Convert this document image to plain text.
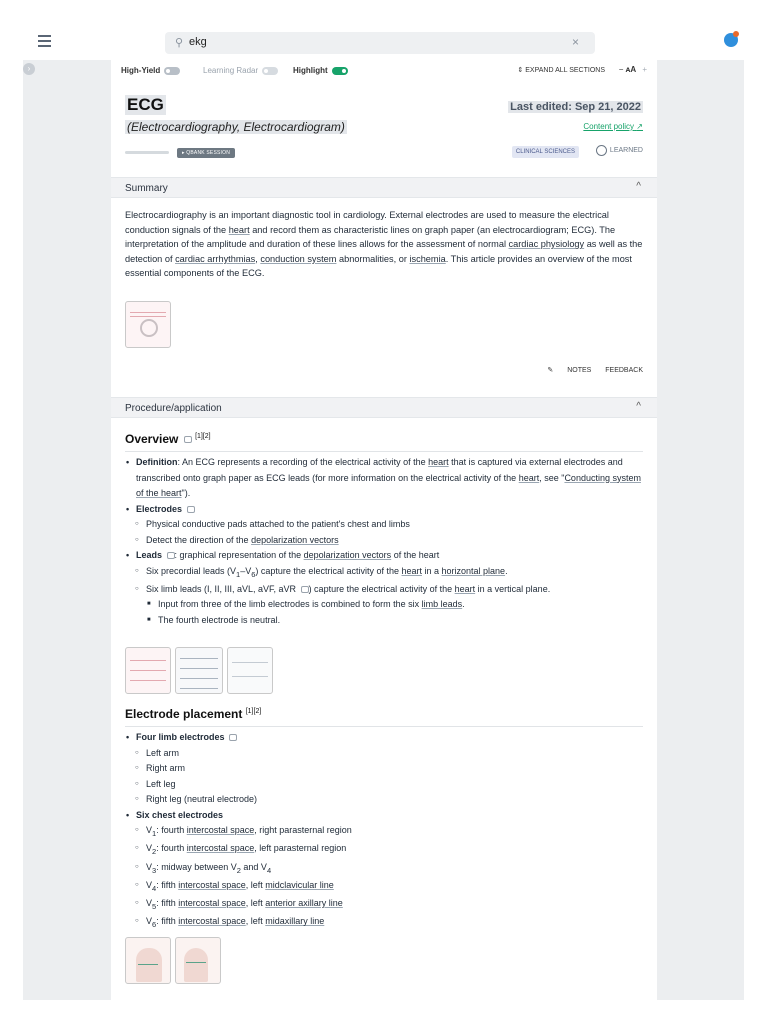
⚲ ekg	×
›	High-Yield	Learning Radar	Highlight	⇕ EXPAND ALL SECTIONS − ᴀA +
ECG
(Electrocardiography, Electrocardiogram)
Last edited: Sep 21, 2022
Content policy ↗
▸ QBANK SESSION	CLINICAL SCIENCES	LEARNED
Summary	^
Electrocardiography is an important diagnostic tool in cardiology. External electrodes are used to measure the electrical conduction signals of the heart and record them as characteristic lines on graph paper (an electrocardiogram; ECG). The interpretation of the amplitude and duration of these lines allows for the assessment of normal cardiac physiology as well as the detection of cardiac arrhythmias, conduction system abnormalities, or ischemia. This article provides an overview of the most essential components of the ECG.
✎ NOTES FEEDBACK
Procedure/application	^
Overview [1][2]
• Definition: An ECG represents a recording of the electrical activity of the heart that is captured via external electrodes and transcribed onto graph paper as ECG leads (for more information on the electrical activity of the heart, see "Conducting system of the heart").
• Electrodes
○ Physical conductive pads attached to the patient's chest and limbs
○ Detect the direction of the depolarization vectors
• Leads : graphical representation of the depolarization vectors of the heart
○ Six precordial leads $(V_1-V_6)$ capture the electrical activity of the heart in a horizontal plane.
○ Six limb leads (I, II, III, aVL, aVF, aVR ) capture the electrical activity of the heart in a vertical plane.
■ Input from three of the limb electrodes is combined to form the six limb leads.
■ The fourth electrode is neutral.
Electrode placement [1][2]
• Four limb electrodes
○ Left arm
○ Right arm
○ Left leg
○ Right leg (neutral electrode)
• Six chest electrodes
○ $V_1$: fourth intercostal space, right parasternal region
○ $V_2$: fourth intercostal space, left parasternal region
○ $V_3$: midway between $V_2$ and $V_4$
○ $V_4$: fifth intercostal space, left midclavicular line
○ $V_5$: fifth intercostal space, left anterior axillary line
○ $V_6$: fifth intercostal space, left midaxillary line
